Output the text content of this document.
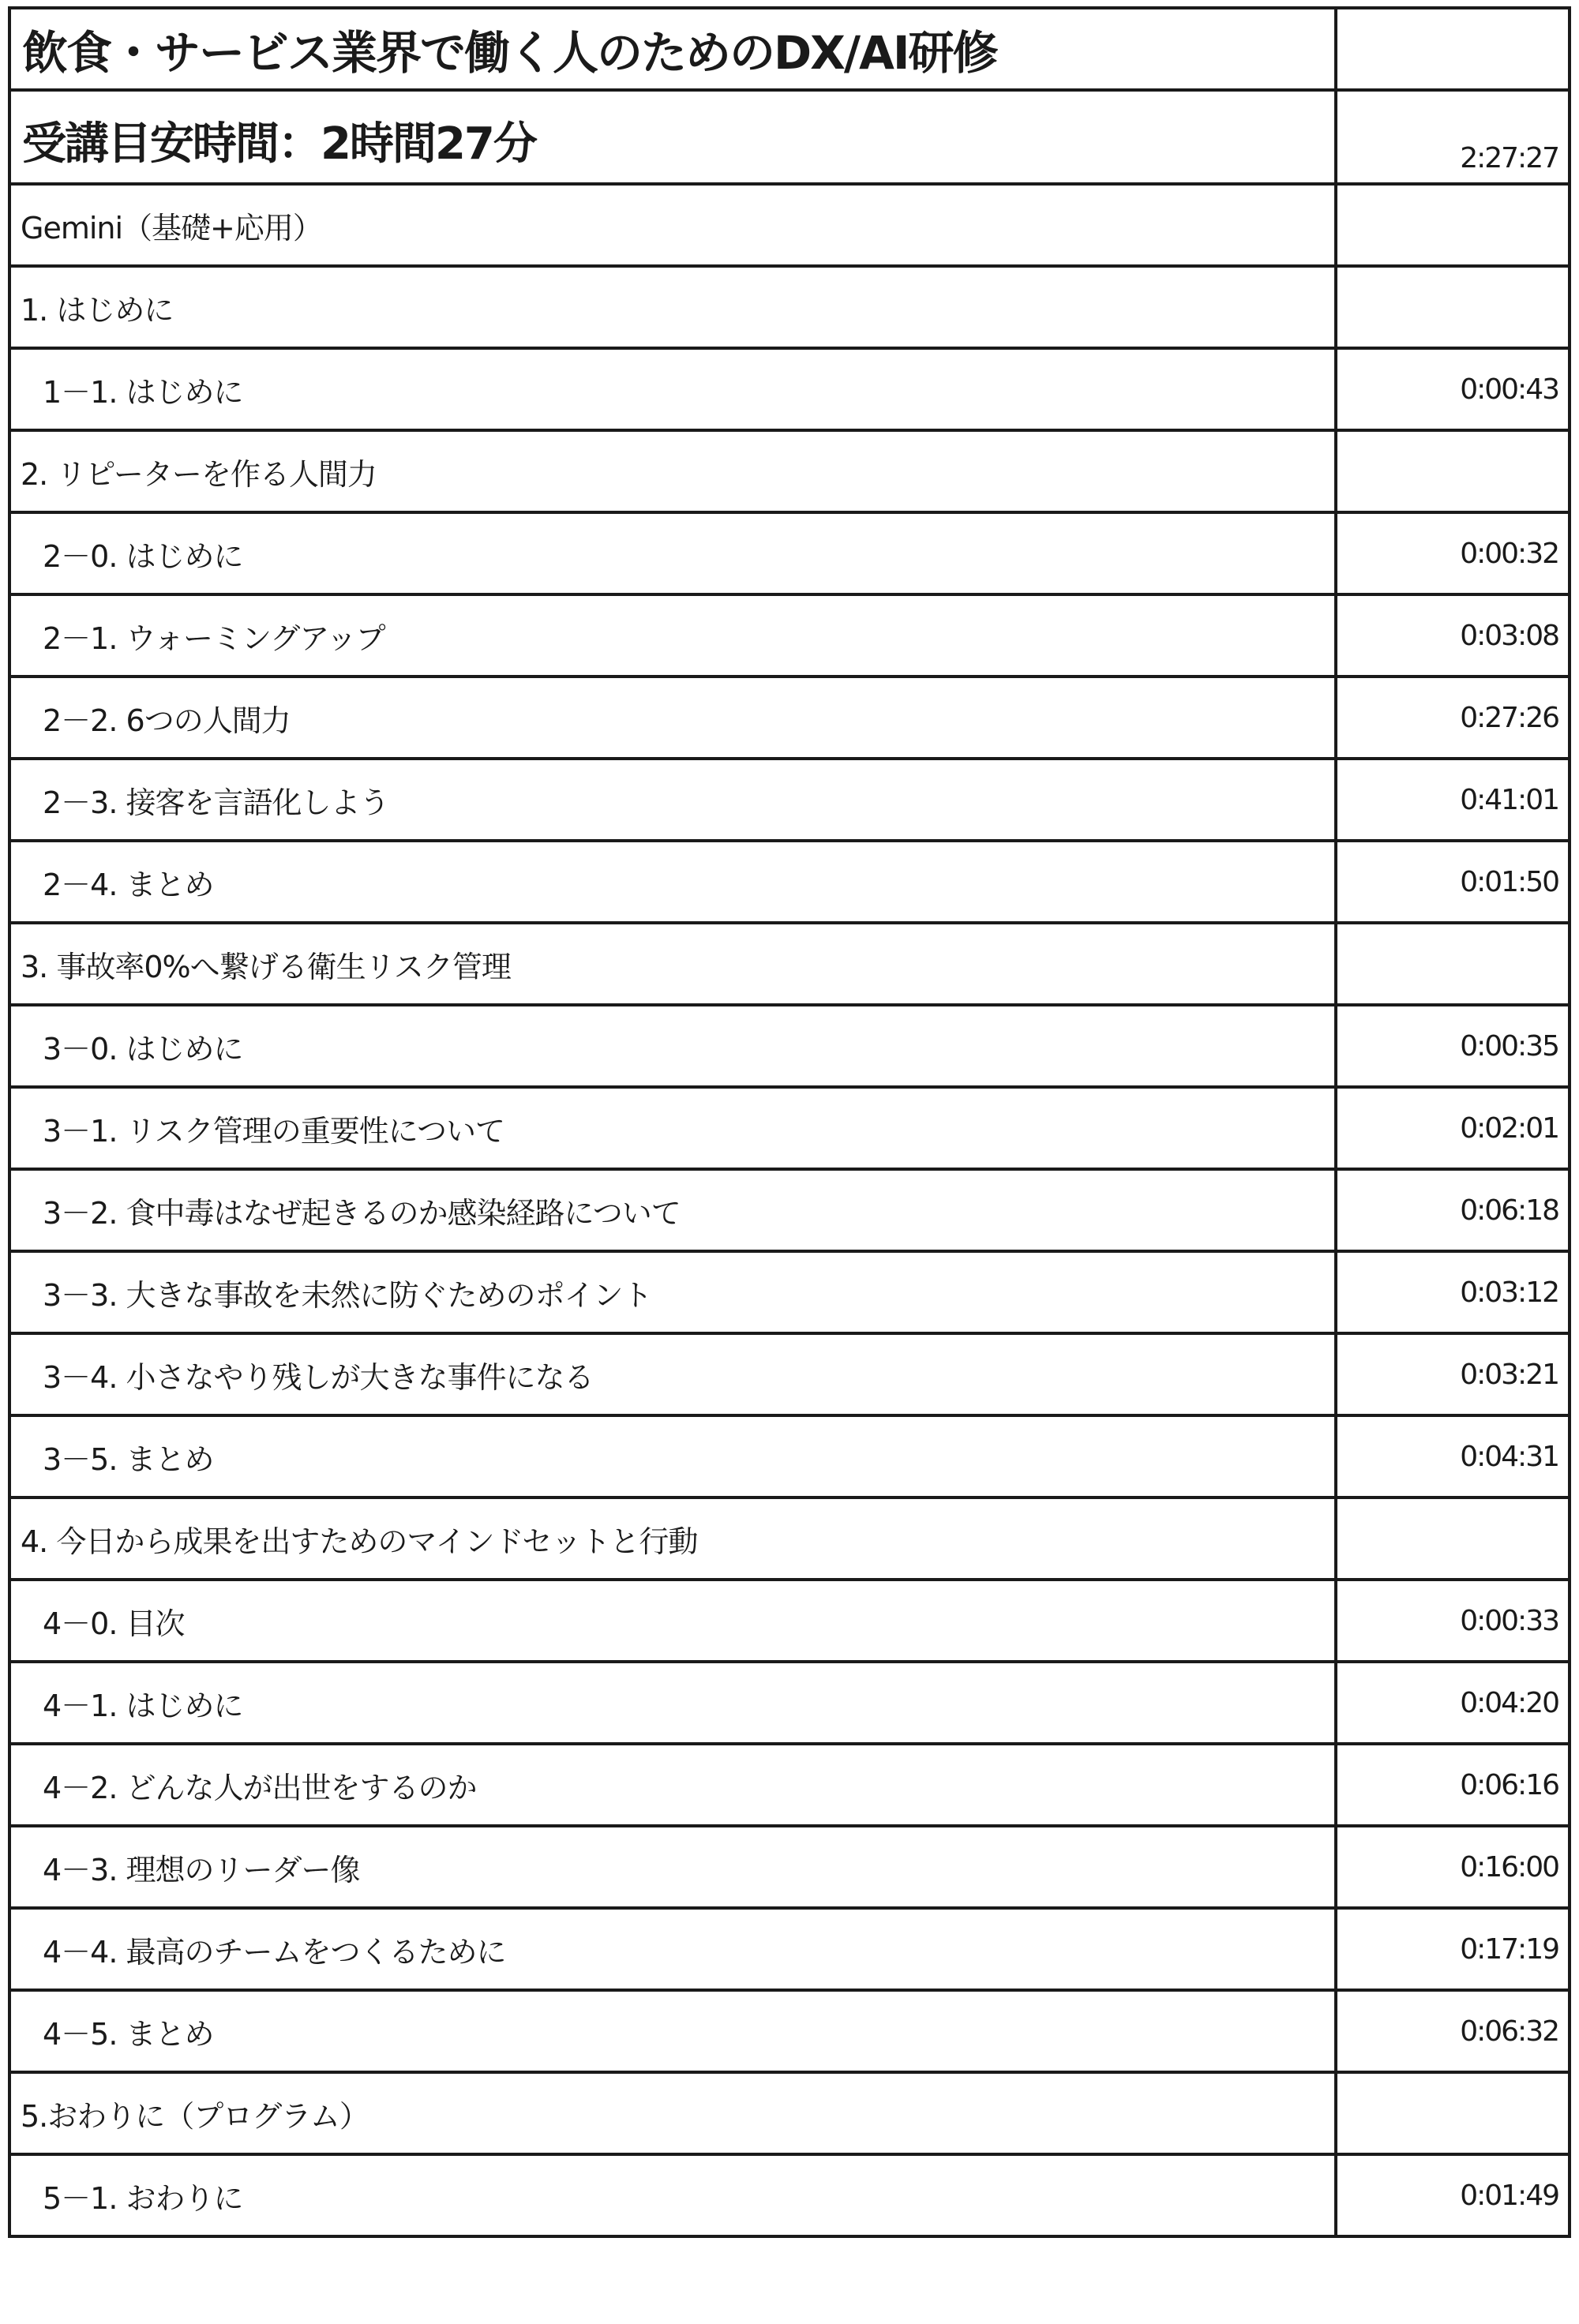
飲食・サービス業界で働く人のためのDX/AI研修	

受講目安時間：2時間27分	2:27:27

Gemini（基礎+応用）	

1. はじめに	

1－1. はじめに	0:00:43

2. リピーターを作る人間力	

2－0. はじめに	0:00:32

2－1. ウォーミングアップ	0:03:08

2－2. 6つの人間力	0:27:26

2－3. 接客を言語化しよう	0:41:01

2－4. まとめ	0:01:50

3. 事故率0%へ繋げる衛生リスク管理	

3－0. はじめに	0:00:35

3－1. リスク管理の重要性について	0:02:01

3－2. 食中毒はなぜ起きるのか感染経路について	0:06:18

3－3. 大きな事故を未然に防ぐためのポイント	0:03:12

3－4. 小さなやり残しが大きな事件になる	0:03:21

3－5. まとめ	0:04:31

4. 今日から成果を出すためのマインドセットと行動	

4－0. 目次	0:00:33

4－1. はじめに	0:04:20

4－2. どんな人が出世をするのか	0:06:16

4－3. 理想のリーダー像	0:16:00

4－4. 最高のチームをつくるために	0:17:19

4－5. まとめ	0:06:32

5.おわりに（プログラム）	

5－1. おわりに	0:01:49
